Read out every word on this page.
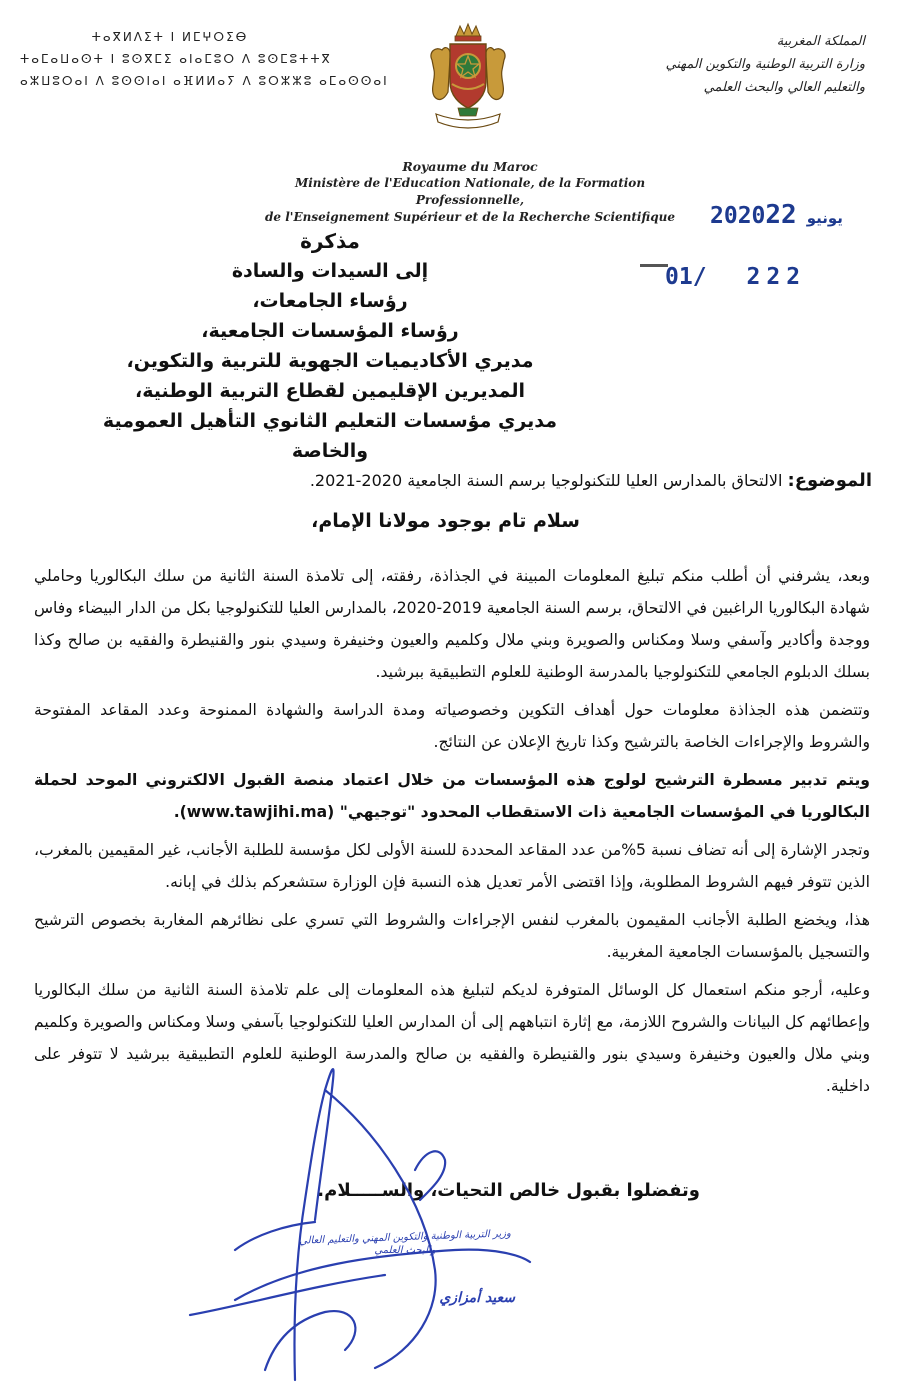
المملكة المغربية
وزارة التربية الوطنية والتكوين المهني
والتعليم العالي والبحث العلمي
ⵜⴰⴳⵍⴷⵉⵜ ⵏ ⵍⵎⵖⵔⵉⴱ
ⵜⴰⵎⴰⵡⴰⵙⵜ ⵏ ⵓⵙⴳⵎⵉ ⴰⵏⴰⵎⵓⵔ ⴷ ⵓⵙⵎⵓⵜⵜⴳ
ⴰⵣⵡⵓⵔⴰⵏ ⴷ ⵓⵙⵙⵏⴰⵏ ⴰⴼⵍⵍⴰⵢ ⴷ ⵓⵔⵣⵣⵓ ⴰⵎⴰⵙⵙⴰⵏ
Royaume du Maroc
Ministère de l'Education Nationale, de la Formation Professionnelle,
de l'Enseignement Supérieur et de la Recherche Scientifique	2020	يونيو22
01/ 222
مذكرة
إلى السيدات والسادة
رؤساء الجامعات،
رؤساء المؤسسات الجامعية،
مديري الأكاديميات الجهوية للتربية والتكوين،
المديرين الإقليمين لقطاع التربية الوطنية،
مديري مؤسسات التعليم الثانوي التأهيل العمومية والخاصة
الموضوع: الالتحاق بالمدارس العليا للتكنولوجيا برسم السنة الجامعية 2020-2021.
سلام تام بوجود مولانا الإمام،

وبعد، يشرفني أن أطلب منكم تبليغ المعلومات المبينة في الجذاذة، رفقته، إلى تلامذة السنة الثانية من سلك البكالوريا وحاملي شهادة البكالوريا الراغبين في الالتحاق، برسم السنة الجامعية 2019-2020، بالمدارس العليا للتكنولوجيا بكل من الدار البيضاء وفاس ووجدة وأكادير وآسفي وسلا ومكناس والصويرة وبني ملال وكلميم والعيون وخنيفرة وسيدي بنور والقنيطرة والفقيه بن صالح وكذا بسلك الدبلوم الجامعي للتكنولوجيا بالمدرسة الوطنية للعلوم التطبيقية ببرشيد.

وتتضمن هذه الجذاذة معلومات حول أهداف التكوين وخصوصياته ومدة الدراسة والشهادة الممنوحة وعدد المقاعد المفتوحة والشروط والإجراءات الخاصة بالترشيح وكذا تاريخ الإعلان عن النتائج.

ويتم تدبير مسطرة الترشيح لولوج هذه المؤسسات من خلال اعتماد منصة القبول الالكتروني الموحد لحملة البكالوريا في المؤسسات الجامعية ذات الاستقطاب المحدود "توجيهي" (www.tawjihi.ma).

وتجدر الإشارة إلى أنه تضاف نسبة 5%من عدد المقاعد المحددة للسنة الأولى لكل مؤسسة للطلبة الأجانب، غير المقيمين بالمغرب، الذين تتوفر فيهم الشروط المطلوبة، وإذا اقتضى الأمر تعديل هذه النسبة فإن الوزارة ستشعركم بذلك في إبانه.

هذا، ويخضع الطلبة الأجانب المقيمون بالمغرب لنفس الإجراءات والشروط التي تسري على نظائرهم المغاربة بخصوص الترشيح والتسجيل بالمؤسسات الجامعية المغربية.

وعليه، أرجو منكم استعمال كل الوسائل المتوفرة لديكم لتبليغ هذه المعلومات إلى علم تلامذة السنة الثانية من سلك البكالوريا وإعطائهم كل البيانات والشروح اللازمة، مع إثارة انتباههم إلى أن المدارس العليا للتكنولوجيا بآسفي وسلا ومكناس والصويرة وكلميم وبني ملال والعيون وخنيفرة وسيدي بنور والقنيطرة والفقيه بن صالح والمدرسة الوطنية للعلوم التطبيقية ببرشيد لا تتوفر على داخلية.

وتفضلوا بقبول خالص التحيات، والســـــلام.
وزير التربية الوطنية والتكوين المهني والتعليم العالي
والبحث العلمي
سعيد أمزازي
